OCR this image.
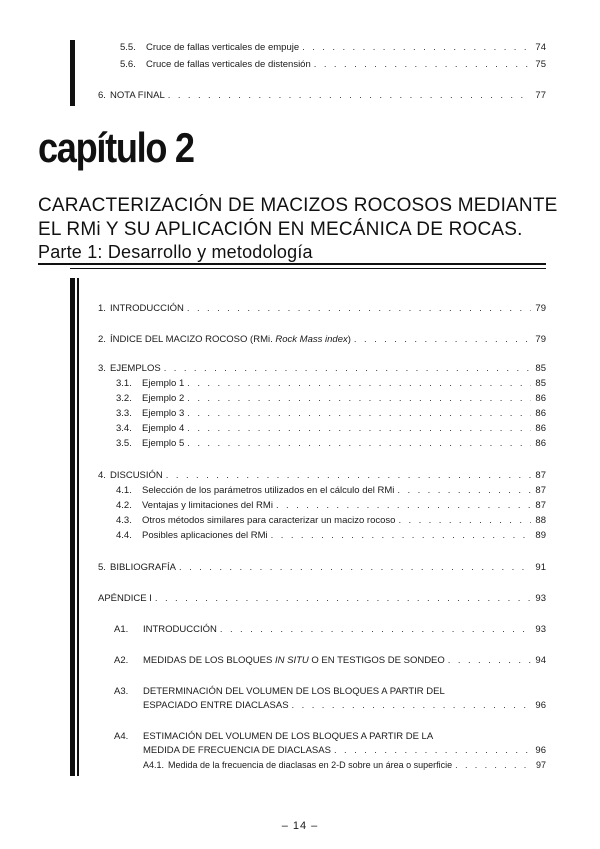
5.5.	Cruce de fallas verticales de empuje . . .	74
5.6.	Cruce de fallas verticales de distensión . . .	75
6. NOTA FINAL . . .	77
capítulo 2
CARACTERIZACIÓN DE MACIZOS ROCOSOS MEDIANTE
EL RMi Y SU APLICACIÓN EN MECÁNICA DE ROCAS.
Parte 1: Desarrollo y metodología
1. INTRODUCCIÓN . . .	79
2. ÍNDICE DEL MACIZO ROCOSO (RMi. Rock Mass index) . . .	79
3. EJEMPLOS . . .	85
3.1.	Ejemplo 1 . . .	85
3.2.	Ejemplo 2 . . .	86
3.3.	Ejemplo 3 . . .	86
3.4.	Ejemplo 4 . . .	86
3.5.	Ejemplo 5 . . .	86
4. DISCUSIÓN . . .	87
4.1.	Selección de los parámetros utilizados en el cálculo del RMi . . .	87
4.2.	Ventajas y limitaciones del RMi . . .	87
4.3.	Otros métodos similares para caracterizar un macizo rocoso . . .	88
4.4.	Posibles aplicaciones del RMi . . .	89
5. BIBLIOGRAFÍA . . .	91
APÉNDICE I . . .	93
A1.	INTRODUCCIÓN . . .	93
A2.	MEDIDAS DE LOS BLOQUES IN SITU O EN TESTIGOS DE SONDEO . . .	94
A3. DETERMINACIÓN DEL VOLUMEN DE LOS BLOQUES A PARTIR DEL
ESPACIADO ENTRE DIACLASAS . . .	96
A4. ESTIMACIÓN DEL VOLUMEN DE LOS BLOQUES A PARTIR DE LA
MEDIDA DE FRECUENCIA DE DIACLASAS . . .	96
A4.1. Medida de la frecuencia de diaclasas en 2-D sobre un área o superficie . . .	97
– 14 –
